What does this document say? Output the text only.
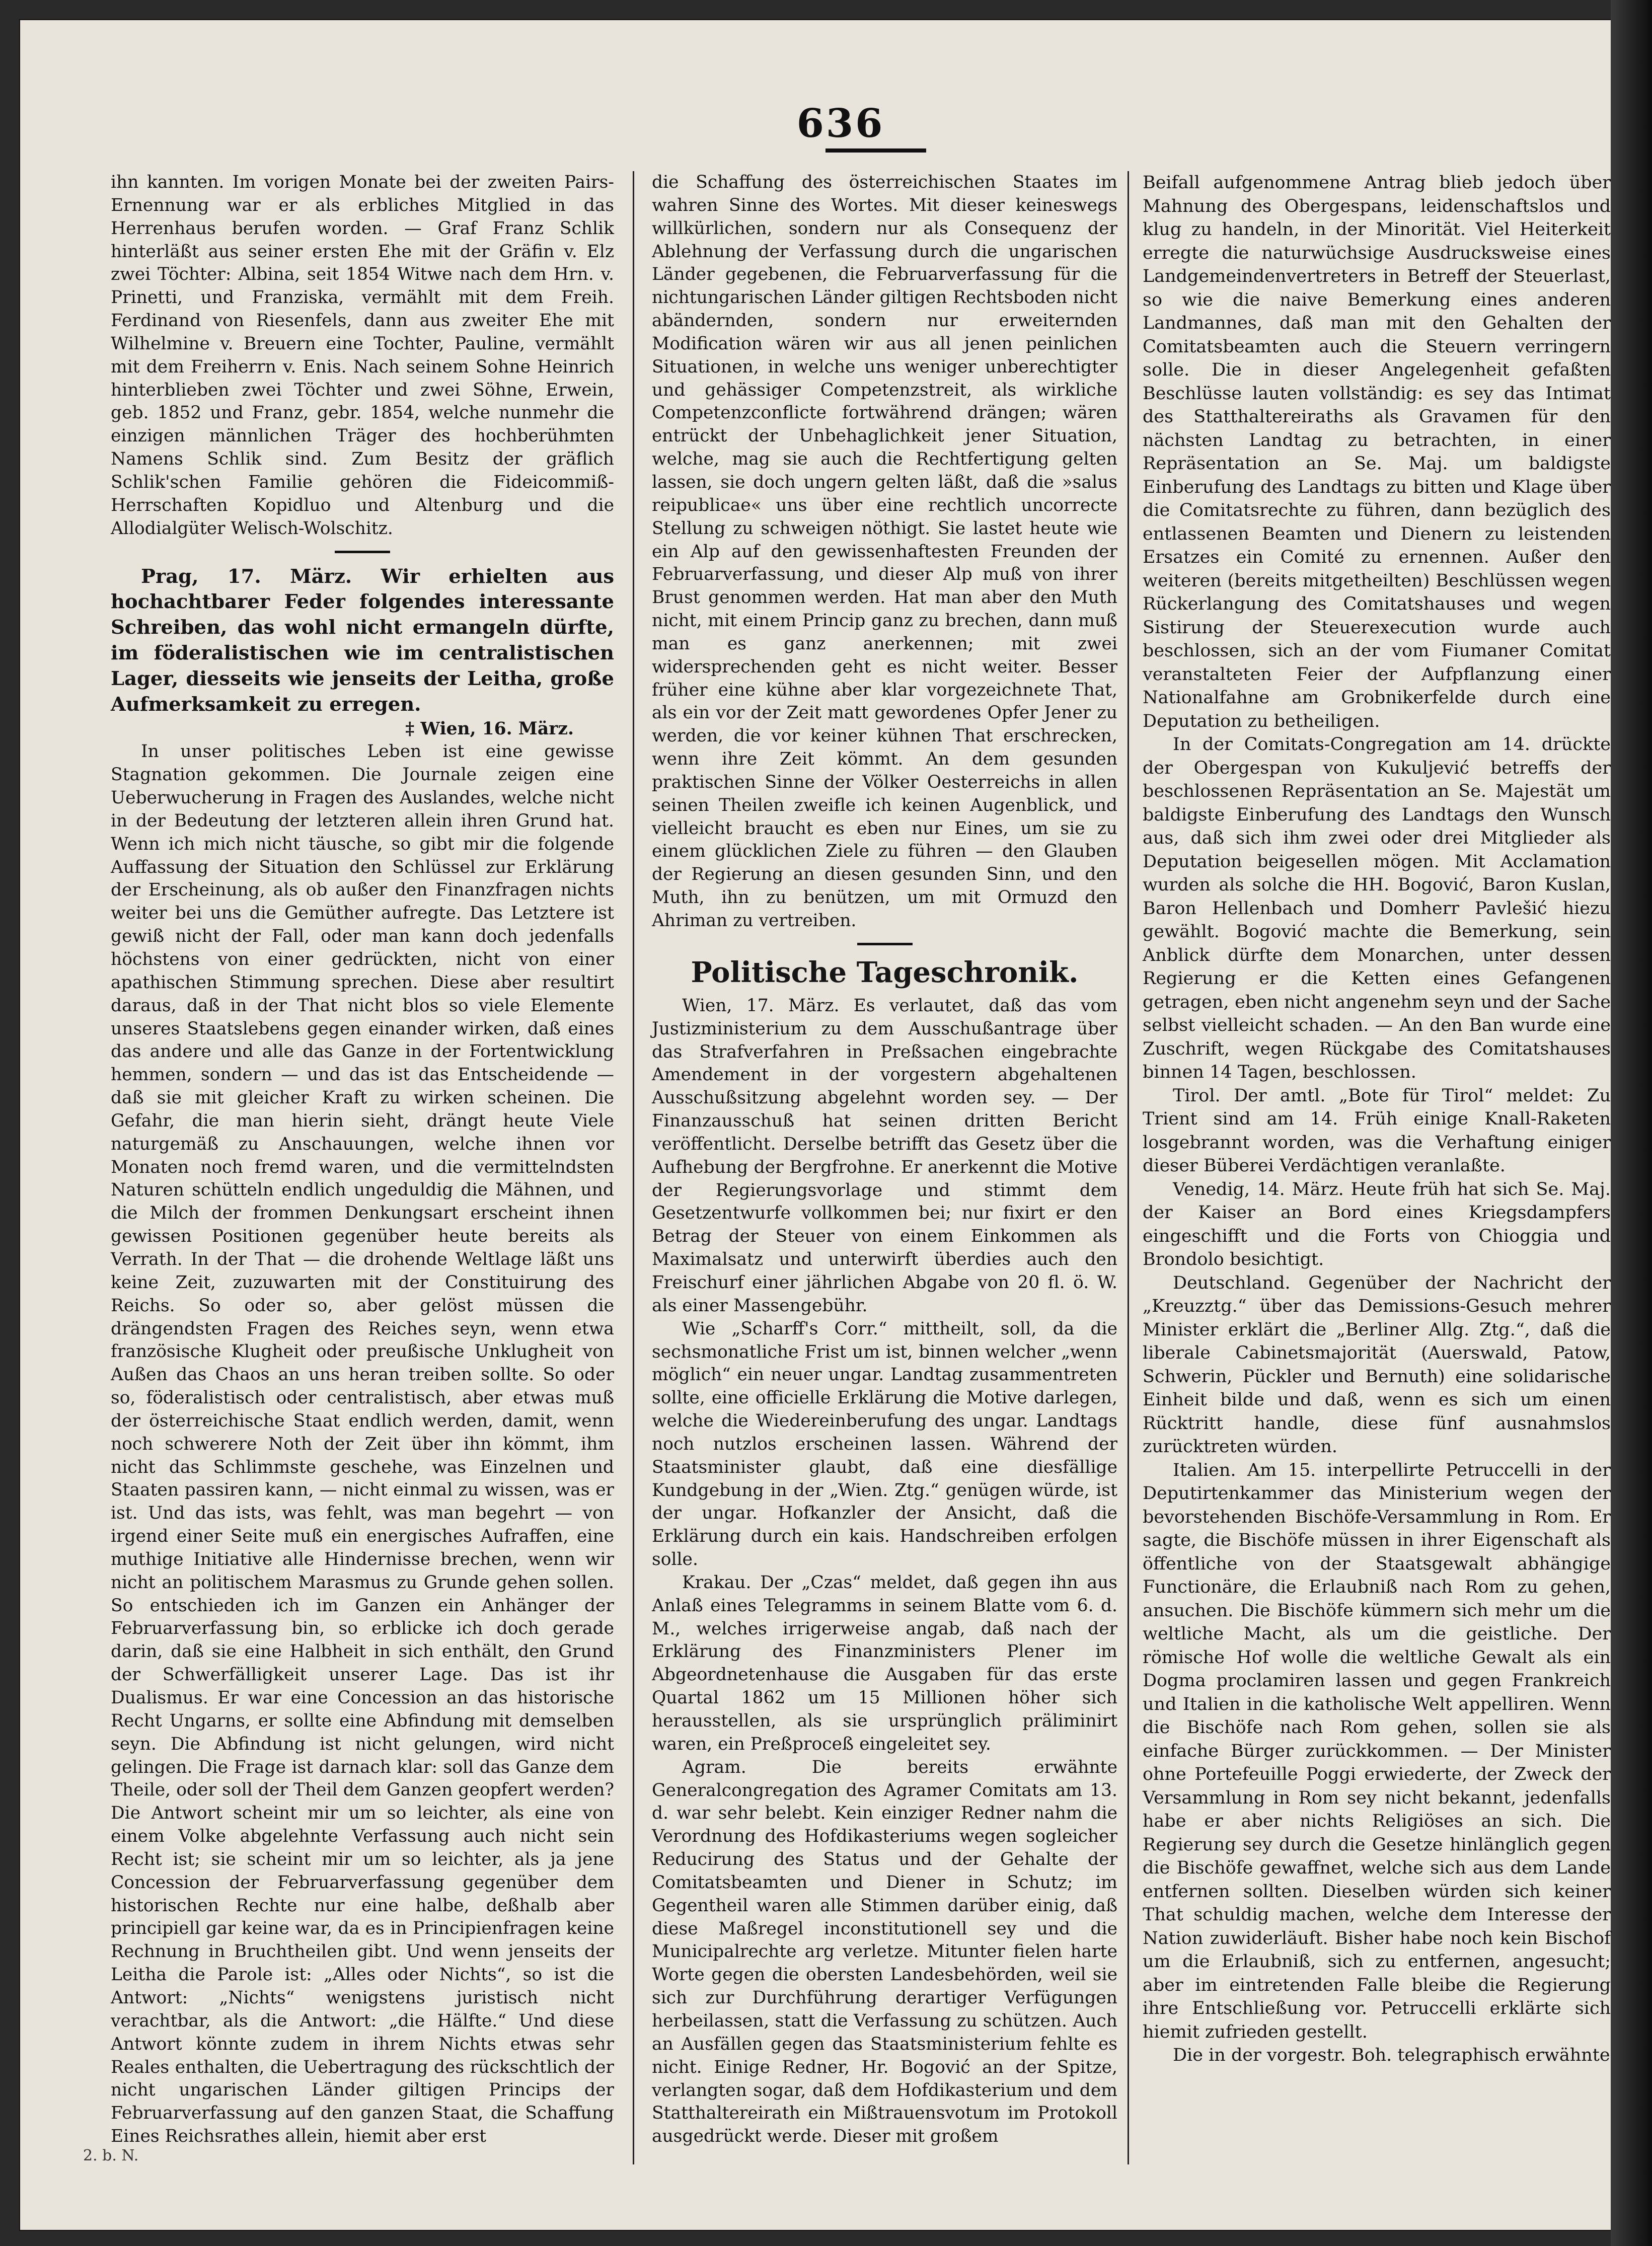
636

ihn kannten. Im vorigen Monate bei der zweiten Pairs-Ernennung war er als erbliches Mitglied in das Herrenhaus berufen worden. — Graf Franz Schlik hinterläßt aus seiner ersten Ehe mit der Gräfin v. Elz zwei Töchter: Albina, seit 1854 Witwe nach dem Hrn. v. Prinetti, und Franziska, vermählt mit dem Freih. Ferdinand von Riesenfels, dann aus zweiter Ehe mit Wilhelmine v. Breuern eine Tochter, Pauline, vermählt mit dem Freiherrn v. Enis. Nach seinem Sohne Heinrich hinterblieben zwei Töchter und zwei Söhne, Erwein, geb. 1852 und Franz, gebr. 1854, welche nunmehr die einzigen männlichen Träger des hochberühmten Namens Schlik sind. Zum Besitz der gräflich Schlik'schen Familie gehören die Fideicommiß-Herrschaften Kopidluo und Altenburg und die Allodialgüter Welisch-Wolschitz.

Prag, 17. März. Wir erhielten aus hochachtbarer Feder folgendes interessante Schreiben, das wohl nicht ermangeln dürfte, im föderalistischen wie im centralistischen Lager, diesseits wie jenseits der Leitha, große Aufmerksamkeit zu erregen.

‡ Wien, 16. März.

In unser politisches Leben ist eine gewisse Stagnation gekommen. Die Journale zeigen eine Ueberwucherung in Fragen des Auslandes, welche nicht in der Bedeutung der letzteren allein ihren Grund hat. Wenn ich mich nicht täusche, so gibt mir die folgende Auffassung der Situation den Schlüssel zur Erklärung der Erscheinung, als ob außer den Finanzfragen nichts weiter bei uns die Gemüther aufregte. Das Letztere ist gewiß nicht der Fall, oder man kann doch jedenfalls höchstens von einer gedrückten, nicht von einer apathischen Stimmung sprechen. Diese aber resultirt daraus, daß in der That nicht blos so viele Elemente unseres Staatslebens gegen einander wirken, daß eines das andere und alle das Ganze in der Fortentwicklung hemmen, sondern — und das ist das Entscheidende — daß sie mit gleicher Kraft zu wirken scheinen. Die Gefahr, die man hierin sieht, drängt heute Viele naturgemäß zu Anschauungen, welche ihnen vor Monaten noch fremd waren, und die vermittelndsten Naturen schütteln endlich ungeduldig die Mähnen, und die Milch der frommen Denkungsart erscheint ihnen gewissen Positionen gegenüber heute bereits als Verrath. In der That — die drohende Weltlage läßt uns keine Zeit, zuzuwarten mit der Constituirung des Reichs. So oder so, aber gelöst müssen die drängendsten Fragen des Reiches seyn, wenn etwa französische Klugheit oder preußische Unklugheit von Außen das Chaos an uns heran treiben sollte. So oder so, föderalistisch oder centralistisch, aber etwas muß der österreichische Staat endlich werden, damit, wenn noch schwerere Noth der Zeit über ihn kömmt, ihm nicht das Schlimmste geschehe, was Einzelnen und Staaten passiren kann, — nicht einmal zu wissen, was er ist. Und das ists, was fehlt, was man begehrt — von irgend einer Seite muß ein energisches Aufraffen, eine muthige Initiative alle Hindernisse brechen, wenn wir nicht an politischem Marasmus zu Grunde gehen sollen. So entschieden ich im Ganzen ein Anhänger der Februarverfassung bin, so erblicke ich doch gerade darin, daß sie eine Halbheit in sich enthält, den Grund der Schwerfälligkeit unserer Lage. Das ist ihr Dualismus. Er war eine Concession an das historische Recht Ungarns, er sollte eine Abfindung mit demselben seyn. Die Abfindung ist nicht gelungen, wird nicht gelingen. Die Frage ist darnach klar: soll das Ganze dem Theile, oder soll der Theil dem Ganzen geopfert werden? Die Antwort scheint mir um so leichter, als eine von einem Volke abgelehnte Verfassung auch nicht sein Recht ist; sie scheint mir um so leichter, als ja jene Concession der Februarverfassung gegenüber dem historischen Rechte nur eine halbe, deßhalb aber principiell gar keine war, da es in Principienfragen keine Rechnung in Bruchtheilen gibt. Und wenn jenseits der Leitha die Parole ist: „Alles oder Nichts“, so ist die Antwort: „Nichts“ wenigstens juristisch nicht verachtbar, als die Antwort: „die Hälfte.“ Und diese Antwort könnte zudem in ihrem Nichts etwas sehr Reales enthalten, die Uebertragung des rückschtlich der nicht ungarischen Länder giltigen Princips der Februarverfassung auf den ganzen Staat, die Schaffung Eines Reichsrathes allein, hiemit aber erst

die Schaffung des österreichischen Staates im wahren Sinne des Wortes. Mit dieser keineswegs willkürlichen, sondern nur als Consequenz der Ablehnung der Verfassung durch die ungarischen Länder gegebenen, die Februarverfassung für die nichtungarischen Länder giltigen Rechtsboden nicht abändernden, sondern nur erweiternden Modification wären wir aus all jenen peinlichen Situationen, in welche uns weniger unberechtigter und gehässiger Competenzstreit, als wirkliche Competenzconflicte fortwährend drängen; wären entrückt der Unbehaglichkeit jener Situation, welche, mag sie auch die Rechtfertigung gelten lassen, sie doch ungern gelten läßt, daß die »salus reipublicae« uns über eine rechtlich uncorrecte Stellung zu schweigen nöthigt. Sie lastet heute wie ein Alp auf den gewissenhaftesten Freunden der Februarverfassung, und dieser Alp muß von ihrer Brust genommen werden. Hat man aber den Muth nicht, mit einem Princip ganz zu brechen, dann muß man es ganz anerkennen; mit zwei widersprechenden geht es nicht weiter. Besser früher eine kühne aber klar vorgezeichnete That, als ein vor der Zeit matt gewordenes Opfer Jener zu werden, die vor keiner kühnen That erschrecken, wenn ihre Zeit kömmt. An dem gesunden praktischen Sinne der Völker Oesterreichs in allen seinen Theilen zweifle ich keinen Augenblick, und vielleicht braucht es eben nur Eines, um sie zu einem glücklichen Ziele zu führen — den Glauben der Regierung an diesen gesunden Sinn, und den Muth, ihn zu benützen, um mit Ormuzd den Ahriman zu vertreiben.

Politische Tageschronik.

Wien, 17. März. Es verlautet, daß das vom Justizministerium zu dem Ausschußantrage über das Strafverfahren in Preßsachen eingebrachte Amendement in der vorgestern abgehaltenen Ausschußsitzung abgelehnt worden sey. — Der Finanzausschuß hat seinen dritten Bericht veröffentlicht. Derselbe betrifft das Gesetz über die Aufhebung der Bergfrohne. Er anerkennt die Motive der Regierungsvorlage und stimmt dem Gesetzentwurfe vollkommen bei; nur fixirt er den Betrag der Steuer von einem Einkommen als Maximalsatz und unterwirft überdies auch den Freischurf einer jährlichen Abgabe von 20 fl. ö. W. als einer Massengebühr.

Wie „Scharff's Corr.“ mittheilt, soll, da die sechsmonatliche Frist um ist, binnen welcher „wenn möglich“ ein neuer ungar. Landtag zusammentreten sollte, eine officielle Erklärung die Motive darlegen, welche die Wiedereinberufung des ungar. Landtags noch nutzlos erscheinen lassen. Während der Staatsminister glaubt, daß eine diesfällige Kundgebung in der „Wien. Ztg.“ genügen würde, ist der ungar. Hofkanzler der Ansicht, daß die Erklärung durch ein kais. Handschreiben erfolgen solle.

Krakau. Der „Czas“ meldet, daß gegen ihn aus Anlaß eines Telegramms in seinem Blatte vom 6. d. M., welches irrigerweise angab, daß nach der Erklärung des Finanzministers Plener im Abgeordnetenhause die Ausgaben für das erste Quartal 1862 um 15 Millionen höher sich herausstellen, als sie ursprünglich präliminirt waren, ein Preßproceß eingeleitet sey.

Agram. Die bereits erwähnte Generalcongregation des Agramer Comitats am 13. d. war sehr belebt. Kein einziger Redner nahm die Verordnung des Hofdikasteriums wegen sogleicher Reducirung des Status und der Gehalte der Comitatsbeamten und Diener in Schutz; im Gegentheil waren alle Stimmen darüber einig, daß diese Maßregel inconstitutionell sey und die Municipalrechte arg verletze. Mitunter fielen harte Worte gegen die obersten Landesbehörden, weil sie sich zur Durchführung derartiger Verfügungen herbeilassen, statt die Verfassung zu schützen. Auch an Ausfällen gegen das Staatsministerium fehlte es nicht. Einige Redner, Hr. Bogović an der Spitze, verlangten sogar, daß dem Hofdikasterium und dem Statthaltereirath ein Mißtrauensvotum im Protokoll ausgedrückt werde. Dieser mit großem

Beifall aufgenommene Antrag blieb jedoch über Mahnung des Obergespans, leidenschaftslos und klug zu handeln, in der Minorität. Viel Heiterkeit erregte die naturwüchsige Ausdrucksweise eines Landgemeindenvertreters in Betreff der Steuerlast, so wie die naive Bemerkung eines anderen Landmannes, daß man mit den Gehalten der Comitatsbeamten auch die Steuern verringern solle. Die in dieser Angelegenheit gefaßten Beschlüsse lauten vollständig: es sey das Intimat des Statthaltereiraths als Gravamen für den nächsten Landtag zu betrachten, in einer Repräsentation an Se. Maj. um baldigste Einberufung des Landtags zu bitten und Klage über die Comitatsrechte zu führen, dann bezüglich des entlassenen Beamten und Dienern zu leistenden Ersatzes ein Comité zu ernennen. Außer den weiteren (bereits mitgetheilten) Beschlüssen wegen Rückerlangung des Comitatshauses und wegen Sistirung der Steuerexecution wurde auch beschlossen, sich an der vom Fiumaner Comitat veranstalteten Feier der Aufpflanzung einer Nationalfahne am Grobnikerfelde durch eine Deputation zu betheiligen.

In der Comitats-Congregation am 14. drückte der Obergespan von Kukuljević betreffs der beschlossenen Repräsentation an Se. Majestät um baldigste Einberufung des Landtags den Wunsch aus, daß sich ihm zwei oder drei Mitglieder als Deputation beigesellen mögen. Mit Acclamation wurden als solche die HH. Bogović, Baron Kuslan, Baron Hellenbach und Domherr Pavlešić hiezu gewählt. Bogović machte die Bemerkung, sein Anblick dürfte dem Monarchen, unter dessen Regierung er die Ketten eines Gefangenen getragen, eben nicht angenehm seyn und der Sache selbst vielleicht schaden. — An den Ban wurde eine Zuschrift, wegen Rückgabe des Comitatshauses binnen 14 Tagen, beschlossen.

Tirol. Der amtl. „Bote für Tirol“ meldet: Zu Trient sind am 14. Früh einige Knall-Raketen losgebrannt worden, was die Verhaftung einiger dieser Büberei Verdächtigen veranlaßte.

Venedig, 14. März. Heute früh hat sich Se. Maj. der Kaiser an Bord eines Kriegsdampfers eingeschifft und die Forts von Chioggia und Brondolo besichtigt.

Deutschland. Gegenüber der Nachricht der „Kreuzztg.“ über das Demissions-Gesuch mehrer Minister erklärt die „Berliner Allg. Ztg.“, daß die liberale Cabinetsmajorität (Auerswald, Patow, Schwerin, Pückler und Bernuth) eine solidarische Einheit bilde und daß, wenn es sich um einen Rücktritt handle, diese fünf ausnahmslos zurücktreten würden.

Italien. Am 15. interpellirte Petruccelli in der Deputirtenkammer das Ministerium wegen der bevorstehenden Bischöfe-Versammlung in Rom. Er sagte, die Bischöfe müssen in ihrer Eigenschaft als öffentliche von der Staatsgewalt abhängige Functionäre, die Erlaubniß nach Rom zu gehen, ansuchen. Die Bischöfe kümmern sich mehr um die weltliche Macht, als um die geistliche. Der römische Hof wolle die weltliche Gewalt als ein Dogma proclamiren lassen und gegen Frankreich und Italien in die katholische Welt appelliren. Wenn die Bischöfe nach Rom gehen, sollen sie als einfache Bürger zurückkommen. — Der Minister ohne Portefeuille Poggi erwiederte, der Zweck der Versammlung in Rom sey nicht bekannt, jedenfalls habe er aber nichts Religiöses an sich. Die Regierung sey durch die Gesetze hinlänglich gegen die Bischöfe gewaffnet, welche sich aus dem Lande entfernen sollten. Dieselben würden sich keiner That schuldig machen, welche dem Interesse der Nation zuwiderläuft. Bisher habe noch kein Bischof um die Erlaubniß, sich zu entfernen, angesucht; aber im eintretenden Falle bleibe die Regierung ihre Entschließung vor. Petruccelli erklärte sich hiemit zufrieden gestellt.

Die in der vorgestr. Boh. telegraphisch erwähnte

2. b. N.
